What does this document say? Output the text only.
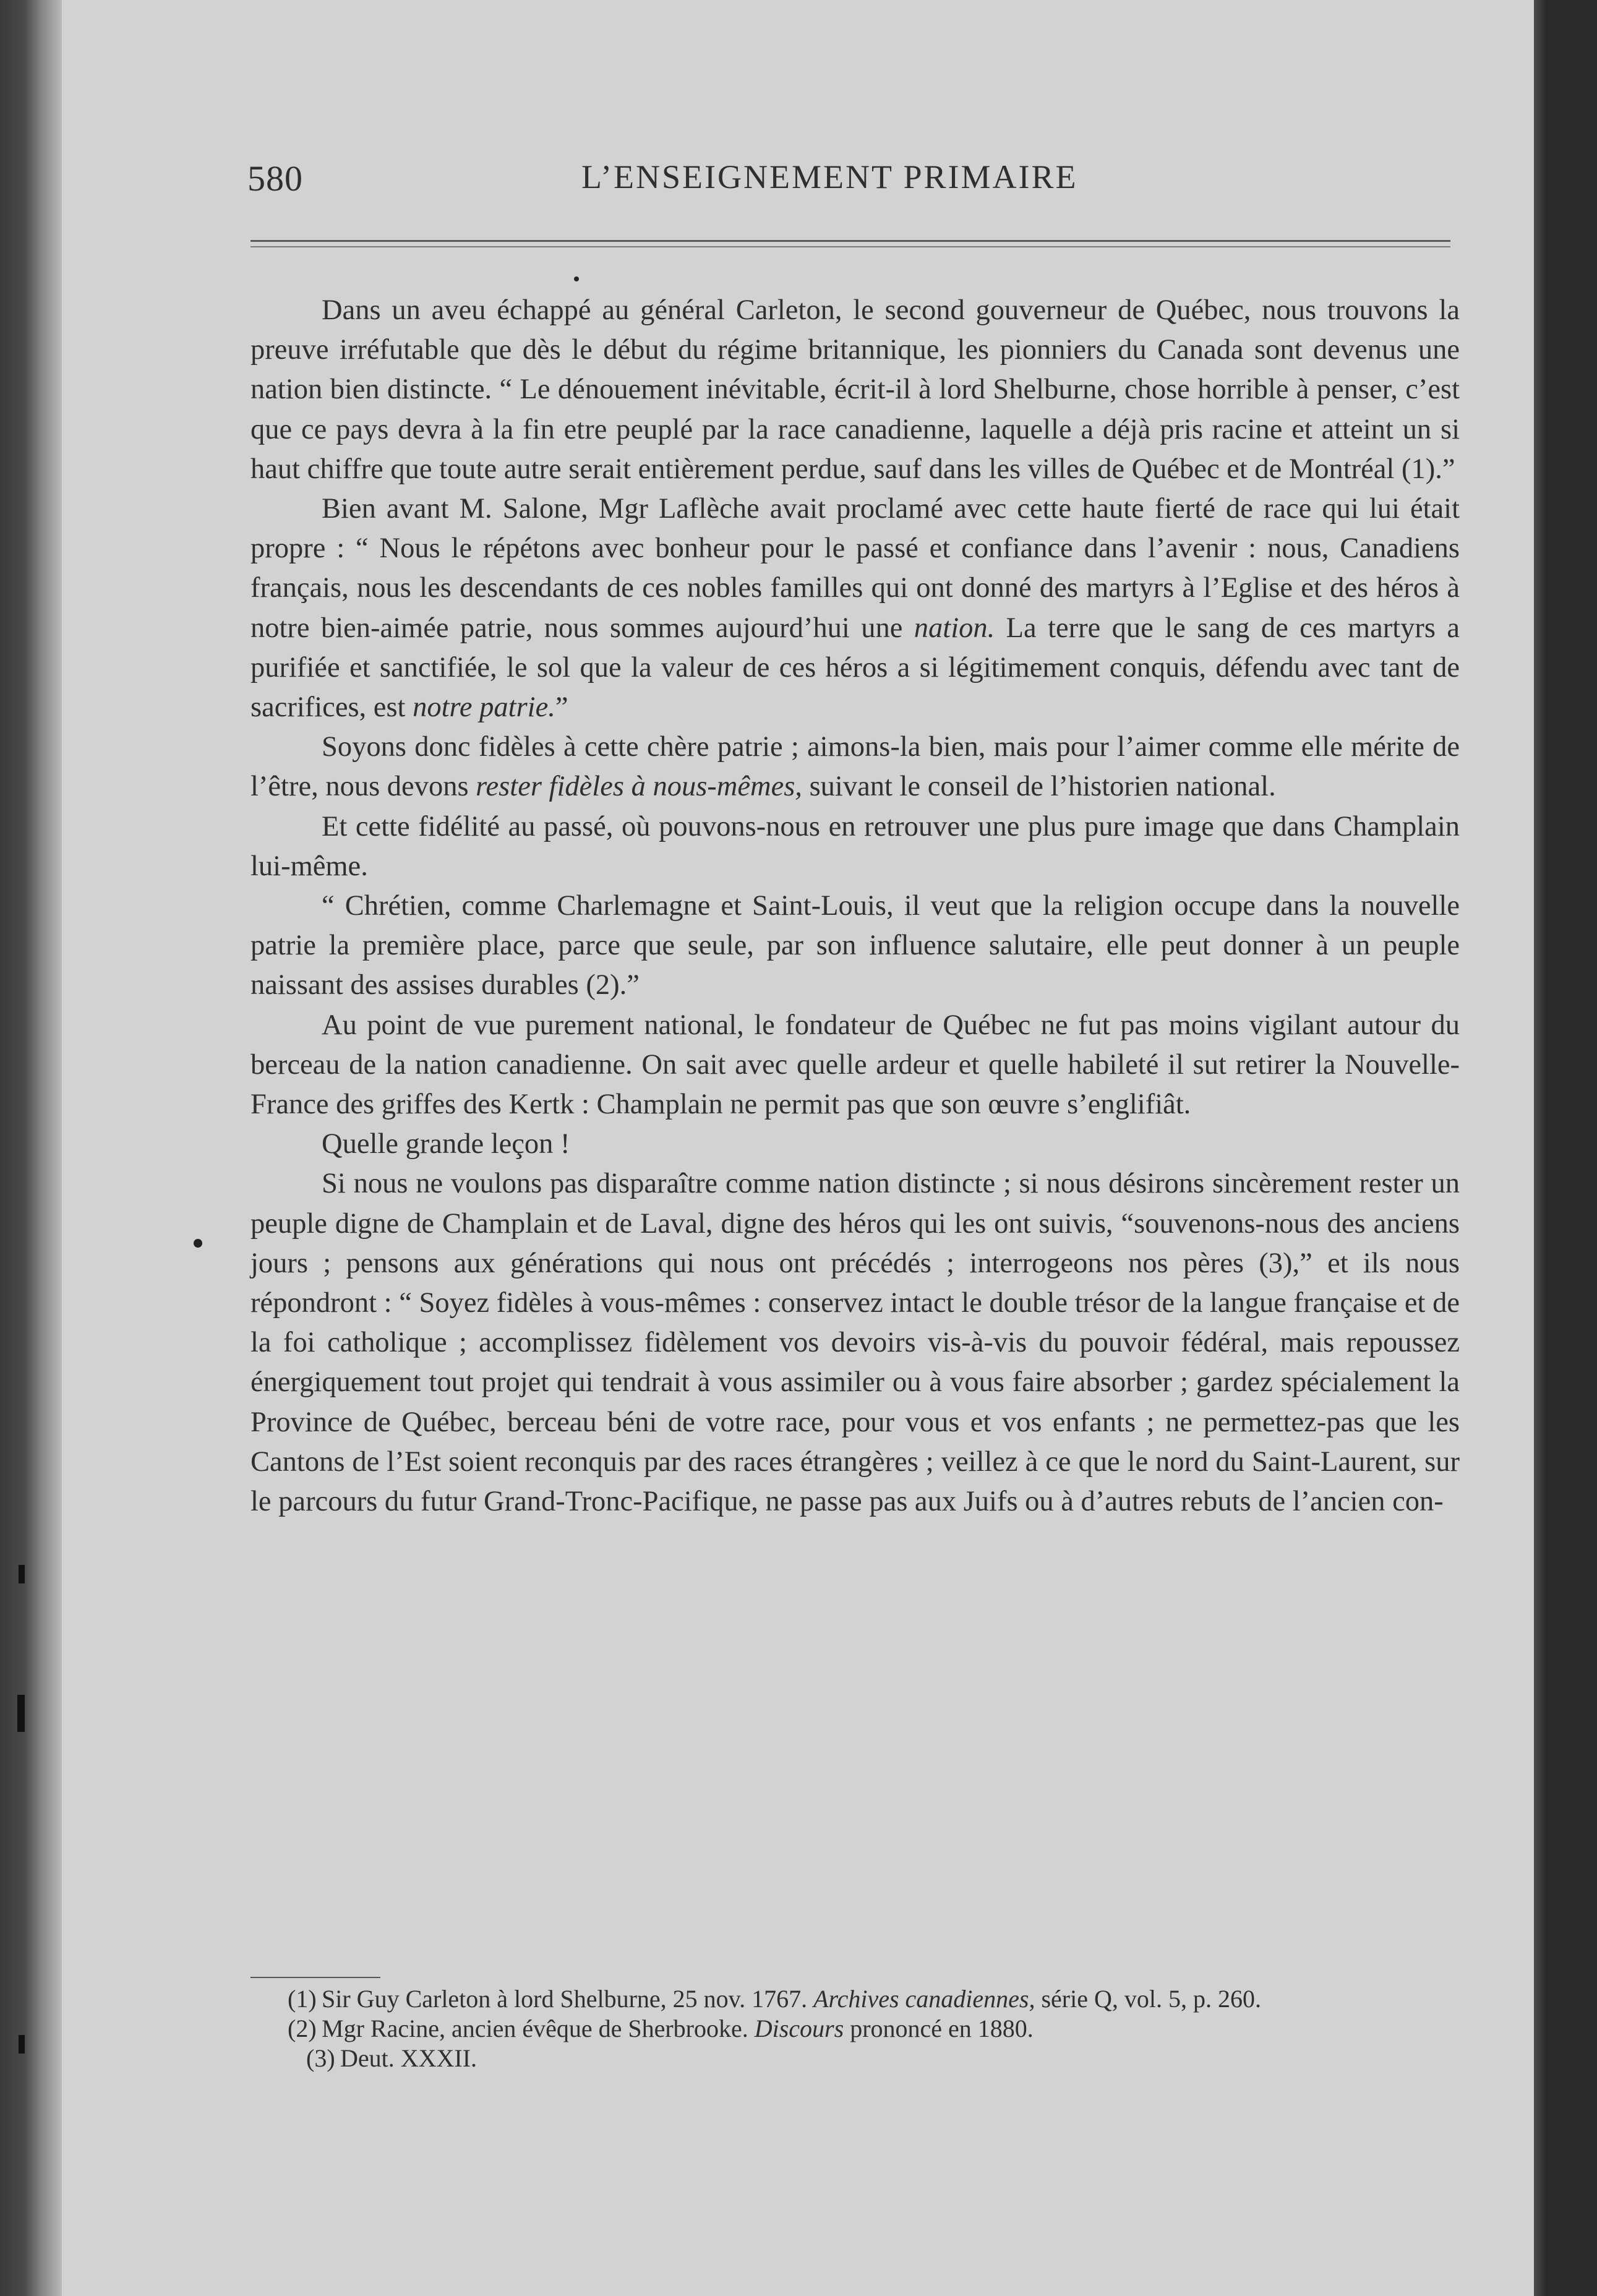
580	L’ENSEIGNEMENT PRIMAIRE

Dans un aveu échappé au général Carleton, le second gouverneur de Québec, nous trouvons la preuve irréfutable que dès le début du régime britannique, les pionniers du Canada sont devenus une nation bien distincte. “ Le dénouement inévitable, écrit-il à lord Shelburne, chose horrible à penser, c’est que ce pays devra à la fin etre peuplé par la race canadienne, laquelle a déjà pris racine et atteint un si haut chiffre que toute autre serait entièrement perdue, sauf dans les villes de Québec et de Montréal (1).”

Bien avant M. Salone, Mgr Laflèche avait proclamé avec cette haute fierté de race qui lui était propre : “ Nous le répétons avec bonheur pour le passé et confiance dans l’avenir : nous, Canadiens français, nous les descendants de ces nobles familles qui ont donné des martyrs à l’Eglise et des héros à notre bien-aimée patrie, nous sommes aujourd’hui une nation. La terre que le sang de ces martyrs a purifiée et sanctifiée, le sol que la valeur de ces héros a si légitimement conquis, défendu avec tant de sacrifices, est notre patrie.”

Soyons donc fidèles à cette chère patrie ; aimons-la bien, mais pour l’aimer comme elle mérite de l’être, nous devons rester fidèles à nous-mêmes, suivant le conseil de l’historien national.

Et cette fidélité au passé, où pouvons-nous en retrouver une plus pure image que dans Champlain lui-même.

“ Chrétien, comme Charlemagne et Saint-Louis, il veut que la religion occupe dans la nouvelle patrie la première place, parce que seule, par son influence salutaire, elle peut donner à un peuple naissant des assises durables (2).”

Au point de vue purement national, le fondateur de Québec ne fut pas moins vigilant autour du berceau de la nation canadienne. On sait avec quelle ardeur et quelle habileté il sut retirer la Nouvelle-France des griffes des Kertk : Champlain ne permit pas que son œuvre s’englifiât.

Quelle grande leçon !

Si nous ne voulons pas disparaître comme nation distincte ; si nous désirons sincèrement rester un peuple digne de Champlain et de Laval, digne des héros qui les ont suivis, “souvenons-nous des anciens jours ; pensons aux générations qui nous ont précédés ; interrogeons nos pères (3),” et ils nous répondront : “ Soyez fidèles à vous-mêmes : conservez intact le double trésor de la langue française et de la foi catholique ; accomplissez fidèlement vos devoirs vis-à-vis du pouvoir fédéral, mais repoussez énergiquement tout projet qui tendrait à vous assimiler ou à vous faire absorber ; gardez spécialement la Province de Québec, berceau béni de votre race, pour vous et vos enfants ; ne permettez-pas que les Cantons de l’Est soient reconquis par des races étrangères ; veillez à ce que le nord du Saint-Laurent, sur le parcours du futur Grand-Tronc-Pacifique, ne passe pas aux Juifs ou à d’autres rebuts de l’ancien con-

(1) Sir Guy Carleton à lord Shelburne, 25 nov. 1767. Archives canadiennes, série Q, vol. 5, p. 260.

(2) Mgr Racine, ancien évêque de Sherbrooke. Discours prononcé en 1880.

(3) Deut. XXXII.
